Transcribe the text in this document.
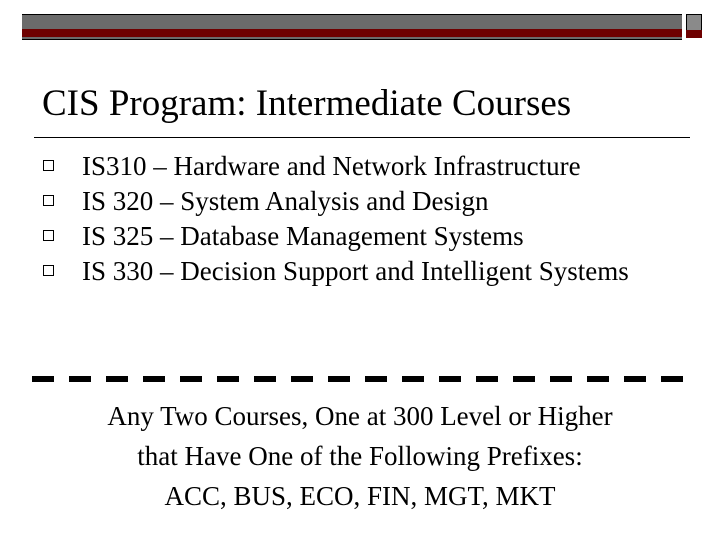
CIS Program: Intermediate Courses
IS310 – Hardware and Network Infrastructure
IS 320 – System Analysis and Design
IS 325 – Database Management Systems
IS 330 – Decision Support and Intelligent Systems
Any Two Courses, One at 300 Level or Higher
that Have One of the Following Prefixes:
ACC, BUS, ECO, FIN, MGT, MKT
